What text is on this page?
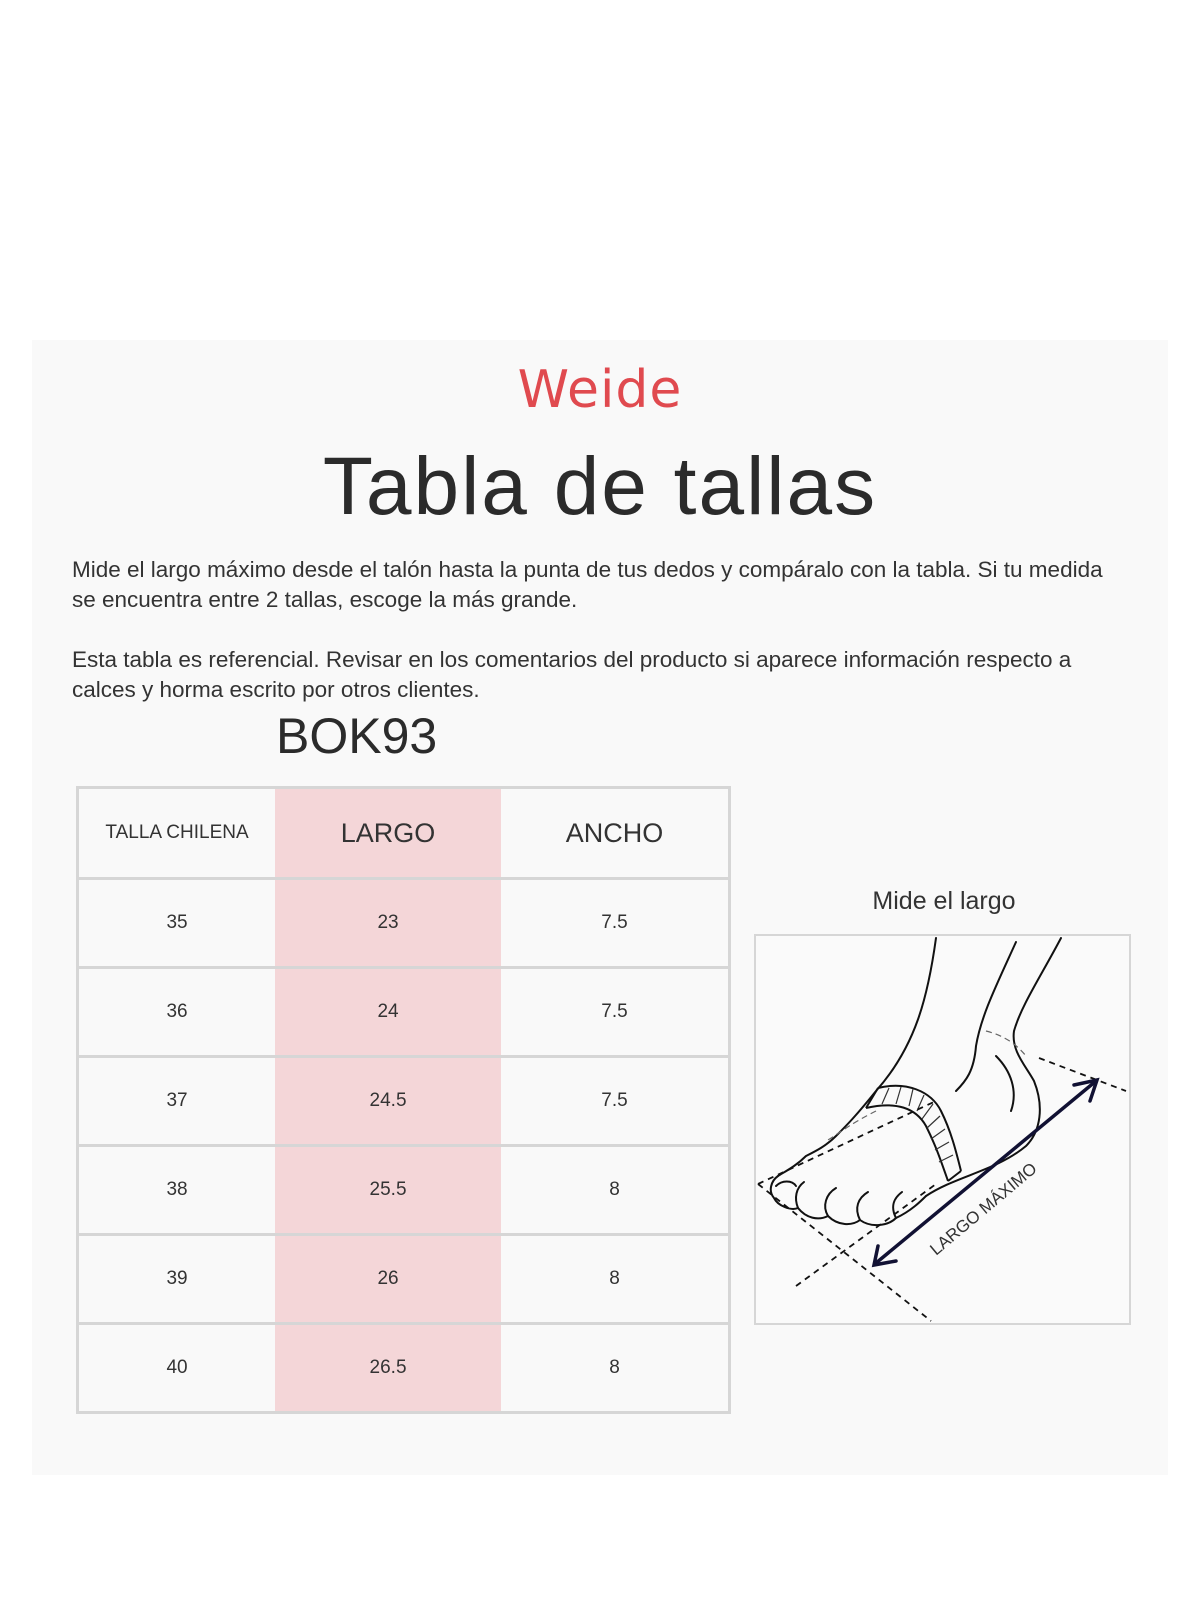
Weide
Tabla de tallas
Mide el largo máximo desde el talón hasta la punta de tus dedos y compáralo con la tabla. Si tu medida se encuentra entre 2 tallas, escoge la más grande.
Esta tabla es referencial. Revisar en los comentarios del producto si aparece información respecto a calces y horma escrito por otros clientes.
BOK93
TALLA CHILENA	LARGO	ANCHO
35	23	7.5
36	24	7.5
37	24.5	7.5
38	25.5	8
39	26	8
40	26.5	8
Mide el largo
LARGO MÁXIMO
